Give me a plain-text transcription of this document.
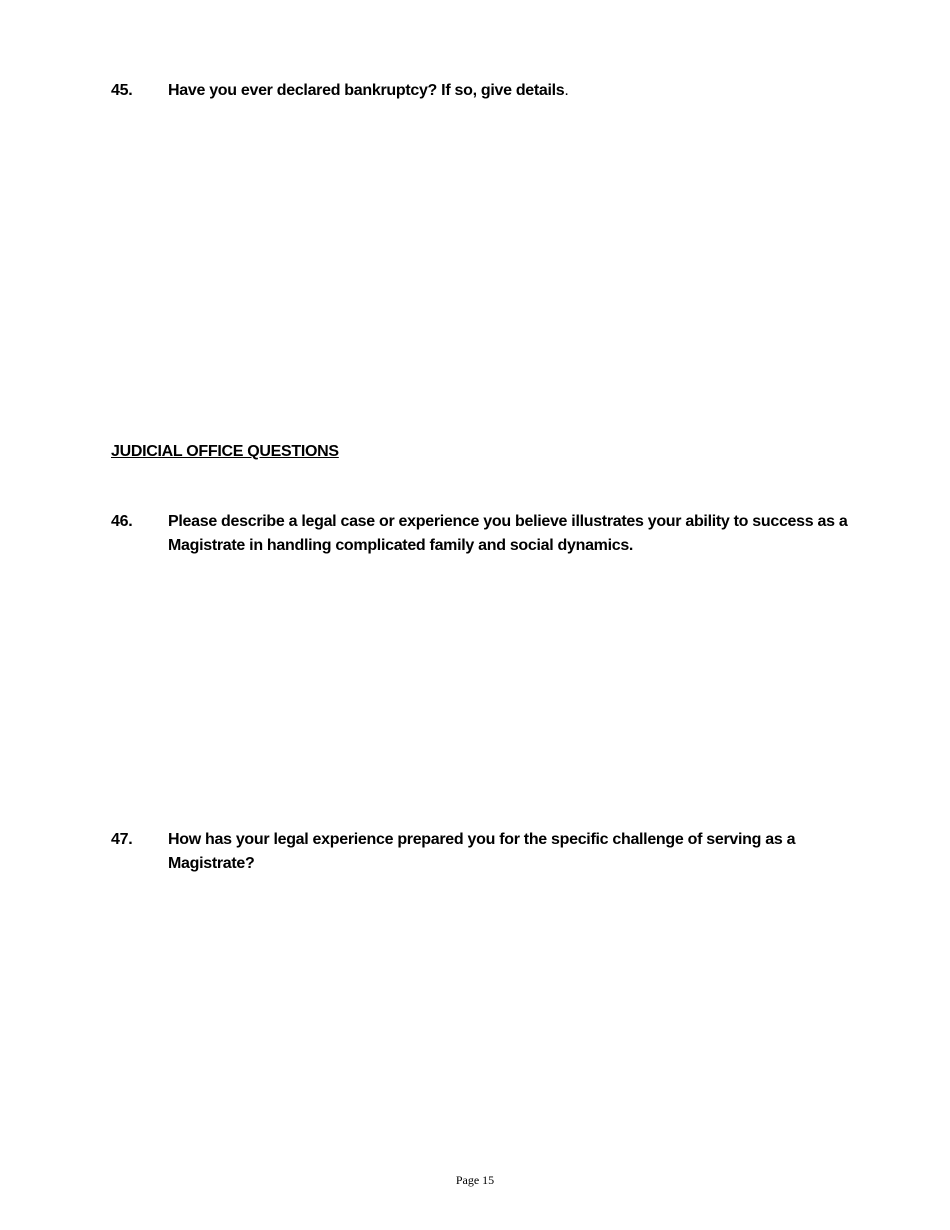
45. Have you ever declared bankruptcy? If so, give details.
JUDICIAL OFFICE QUESTIONS
46. Please describe a legal case or experience you believe illustrates your ability to success as a Magistrate in handling complicated family and social dynamics.
47. How has your legal experience prepared you for the specific challenge of serving as a Magistrate?
Page 15
